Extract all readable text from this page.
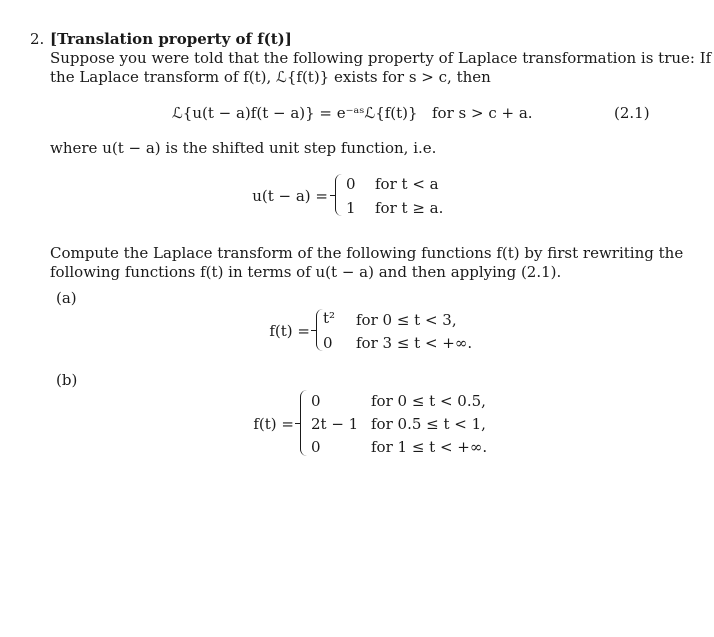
2. [Translation property of f(t)]
Suppose you were told that the following property of Laplace transformation is true: If
the Laplace transform of f(t), ℒ{f(t)} exists for s > c, then
ℒ{u(t − a)f(t − a)} = e⁻ᵃˢℒ{f(t)} for s > c + a.	(2.1)
where u(t − a) is the shifted unit step function, i.e.
u(t − a) =
0 for t < a
1 for t ≥ a.
Compute the Laplace transform of the following functions f(t) by first rewriting the
following functions f(t) in terms of u(t − a) and then applying (2.1).
(a)
f(t) =
t² for 0 ≤ t < 3,
0 for 3 ≤ t < +∞.
(b)
f(t) =
0	for 0 ≤ t < 0.5,
2t − 1 for 0.5 ≤ t < 1,
0	for 1 ≤ t < +∞.
